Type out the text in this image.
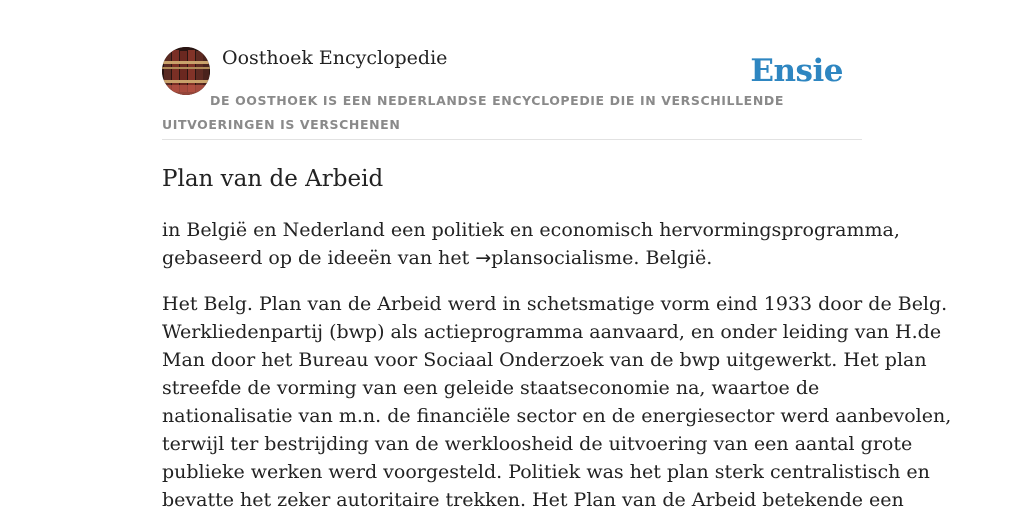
Oosthoek Encyclopedie	Ensie
DE OOSTHOEK IS EEN NEDERLANDSE ENCYCLOPEDIE DIE IN VERSCHILLENDE UITVOERINGEN IS VERSCHENEN
Plan van de Arbeid

in België en Nederland een politiek en economisch hervormingsprogramma,
gebaseerd op de ideeën van het →plansocialisme. België.

Het Belg. Plan van de Arbeid werd in schetsmatige vorm eind 1933 door de Belg.
Werkliedenpartij (bwp) als actieprogramma aanvaard, en onder leiding van H.de
Man door het Bureau voor Sociaal Onderzoek van de bwp uitgewerkt. Het plan
streefde de vorming van een geleide staatseconomie na, waartoe de
nationalisatie van m.n. de financiële sector en de energiesector werd aanbevolen,
terwijl ter bestrijding van de werkloosheid de uitvoering van een aantal grote
publieke werken werd voorgesteld. Politiek was het plan sterk centralistisch en
bevatte het zeker autoritaire trekken. Het Plan van de Arbeid betekende een
